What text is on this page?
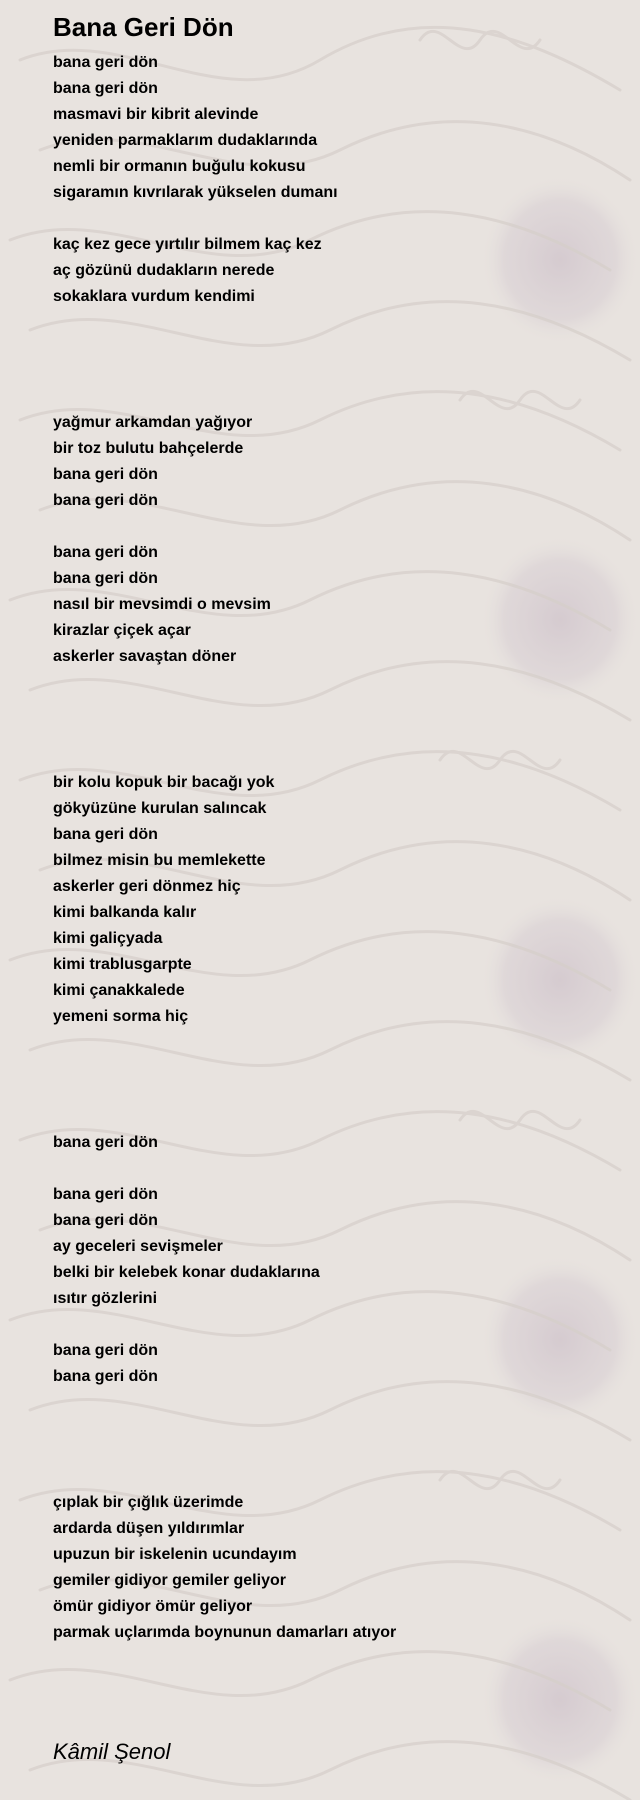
Bana Geri Dön
bana geri dön
bana geri dön
masmavi bir kibrit alevinde
yeniden parmaklarım dudaklarında
nemli bir ormanın buğulu kokusu
sigaramın kıvrılarak yükselen dumanı
kaç kez gece yırtılır bilmem kaç kez
aç gözünü dudakların nerede
sokaklara vurdum kendimi
yağmur arkamdan yağıyor
bir toz bulutu bahçelerde
bana geri dön
bana geri dön
bana geri dön
bana geri dön
nasıl bir mevsimdi o mevsim
kirazlar çiçek açar
askerler savaştan döner
bir kolu kopuk bir bacağı yok
gökyüzüne kurulan salıncak
bana geri dön
bilmez misin bu memlekette
askerler geri dönmez hiç
kimi balkanda kalır
kimi galiçyada
kimi trablusgarpte
kimi çanakkalede
yemeni sorma hiç
bana geri dön
bana geri dön
bana geri dön
ay geceleri sevişmeler
belki bir kelebek konar dudaklarına
ısıtır gözlerini
bana geri dön
bana geri dön
çıplak bir çığlık üzerimde
ardarda düşen yıldırımlar
upuzun bir iskelenin ucundayım
gemiler gidiyor gemiler geliyor
ömür gidiyor ömür geliyor
parmak uçlarımda boynunun damarları atıyor
Kâmil Şenol
